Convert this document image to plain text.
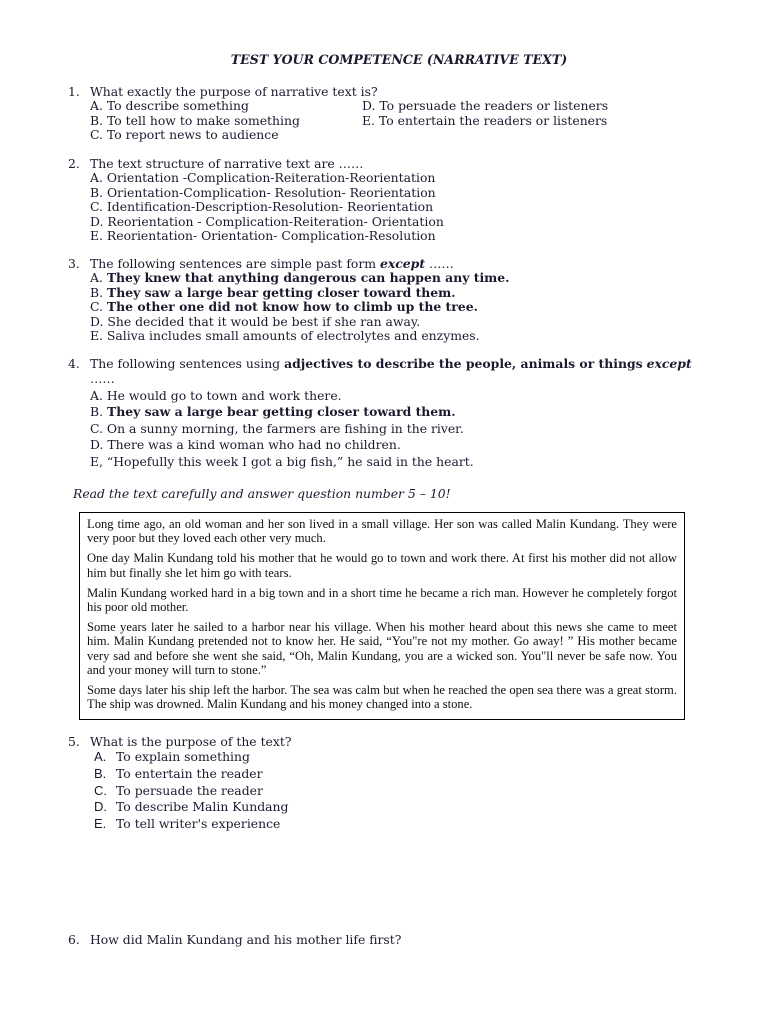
TEST YOUR COMPETENCE (NARRATIVE TEXT)
1. What exactly the purpose of narrative text is?
A. To describe something
B. To tell how to make something
C. To report news to audience
D. To persuade the readers or listeners
E. To entertain the readers or listeners
2. The text structure of narrative text are ……
A. Orientation -Complication-Reiteration-Reorientation
B. Orientation-Complication- Resolution- Reorientation
C. Identification-Description-Resolution- Reorientation
D. Reorientation - Complication-Reiteration- Orientation
E. Reorientation- Orientation- Complication-Resolution
3. The following sentences are simple past form except ……
A. They knew that anything dangerous can happen any time.
B. They saw a large bear getting closer toward them.
C. The other one did not know how to climb up the tree.
D. She decided that it would be best if she ran away.
E. Saliva includes small amounts of electrolytes and enzymes.
4. The following sentences using adjectives to describe the people, animals or things except
……
A. He would go to town and work there.
B. They saw a large bear getting closer toward them.
C. On a sunny morning, the farmers are fishing in the river.
D. There was a kind woman who had no children.
E, “Hopefully this week I got a big fish,” he said in the heart.
Read the text carefully and answer question number 5 – 10!

Long time ago, an old woman and her son lived in a small village. Her son was called Malin Kundang. They were very poor but they loved each other very much.

One day Malin Kundang told his mother that he would go to town and work there. At first his mother did not allow him but finally she let him go with tears.

Malin Kundang worked hard in a big town and in a short time he became a rich man. However he completely forgot his poor old mother.

Some years later he sailed to a harbor near his village. When his mother heard about this news she came to meet him. Malin Kundang pretended not to know her. He said, “You"re not my mother. Go away! ” His mother became very sad and before she went she said, “Oh, Malin Kundang, you are a wicked son. You"ll never be safe now. You and your money will turn to stone.”

Some days later his ship left the harbor. The sea was calm but when he reached the open sea there was a great storm. The ship was drowned. Malin Kundang and his money changed into a stone.

5. What is the purpose of the text?
A. To explain something
B. To entertain the reader
C. To persuade the reader
D. To describe Malin Kundang
E. To tell writer's experience
6. How did Malin Kundang and his mother life first?
